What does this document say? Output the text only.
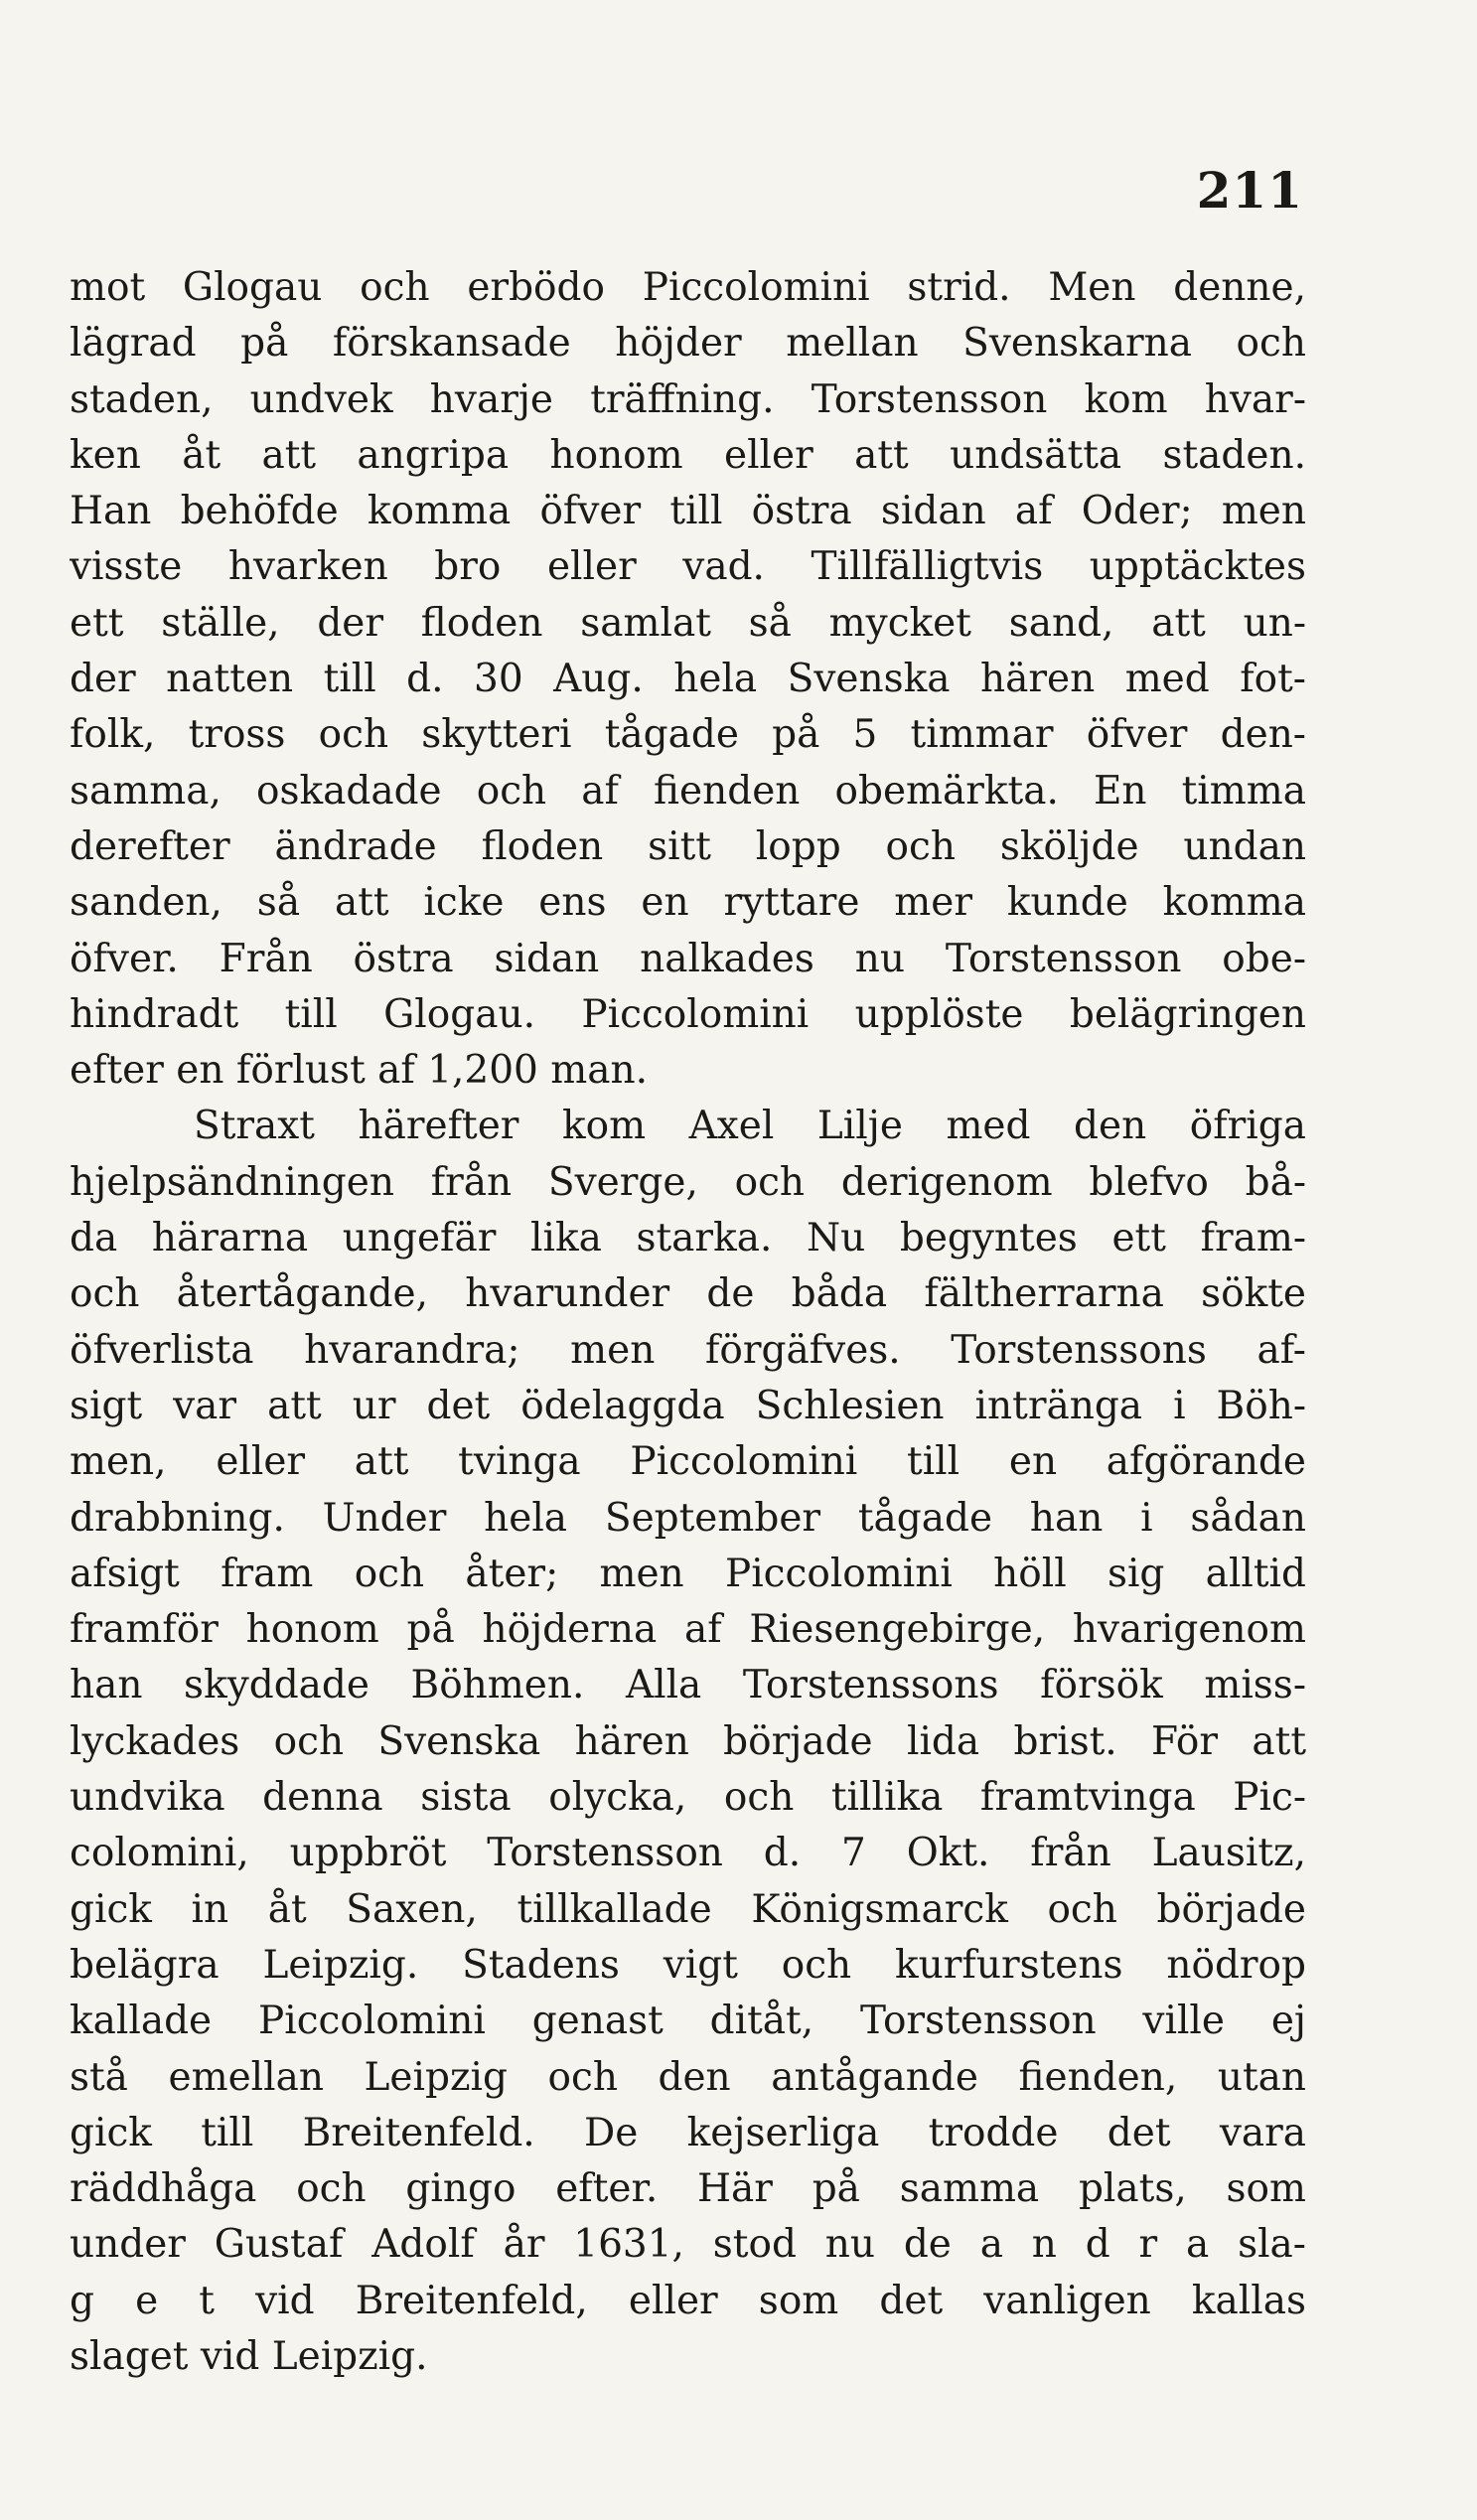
211
mot Glogau och erbödo Piccolomini strid. Men denne,
lägrad på förskansade höjder mellan Svenskarna och
staden, undvek hvarje träffning. Torstensson kom hvar-
ken åt att angripa honom eller att undsätta staden.
Han behöfde komma öfver till östra sidan af Oder; men
visste hvarken bro eller vad. Tillfälligtvis upptäcktes
ett ställe, der floden samlat så mycket sand, att un-
der natten till d. 30 Aug. hela Svenska hären med fot-
folk, tross och skytteri tågade på 5 timmar öfver den-
samma, oskadade och af fienden obemärkta. En timma
derefter ändrade floden sitt lopp och sköljde undan
sanden, så att icke ens en ryttare mer kunde komma
öfver. Från östra sidan nalkades nu Torstensson obe-
hindradt till Glogau. Piccolomini upplöste belägringen
efter en förlust af 1,200 man.
Straxt härefter kom Axel Lilje med den öfriga
hjelpsändningen från Sverge, och derigenom blefvo bå-
da härarna ungefär lika starka. Nu begyntes ett fram-
och återtågande, hvarunder de båda fältherrarna sökte
öfverlista hvarandra; men förgäfves. Torstenssons af-
sigt var att ur det ödelaggda Schlesien intränga i Böh-
men, eller att tvinga Piccolomini till en afgörande
drabbning. Under hela September tågade han i sådan
afsigt fram och åter; men Piccolomini höll sig alltid
framför honom på höjderna af Riesengebirge, hvarigenom
han skyddade Böhmen. Alla Torstenssons försök miss-
lyckades och Svenska hären började lida brist. För att
undvika denna sista olycka, och tillika framtvinga Pic-
colomini, uppbröt Torstensson d. 7 Okt. från Lausitz,
gick in åt Saxen, tillkallade Königsmarck och började
belägra Leipzig. Stadens vigt och kurfurstens nödrop
kallade Piccolomini genast ditåt, Torstensson ville ej
stå emellan Leipzig och den antågande fienden, utan
gick till Breitenfeld. De kejserliga trodde det vara
räddhåga och gingo efter. Här på samma plats, som
under Gustaf Adolf år 1631, stod nu de a n d r a sla-
g e t vid Breitenfeld, eller som det vanligen kallas
slaget vid Leipzig.
